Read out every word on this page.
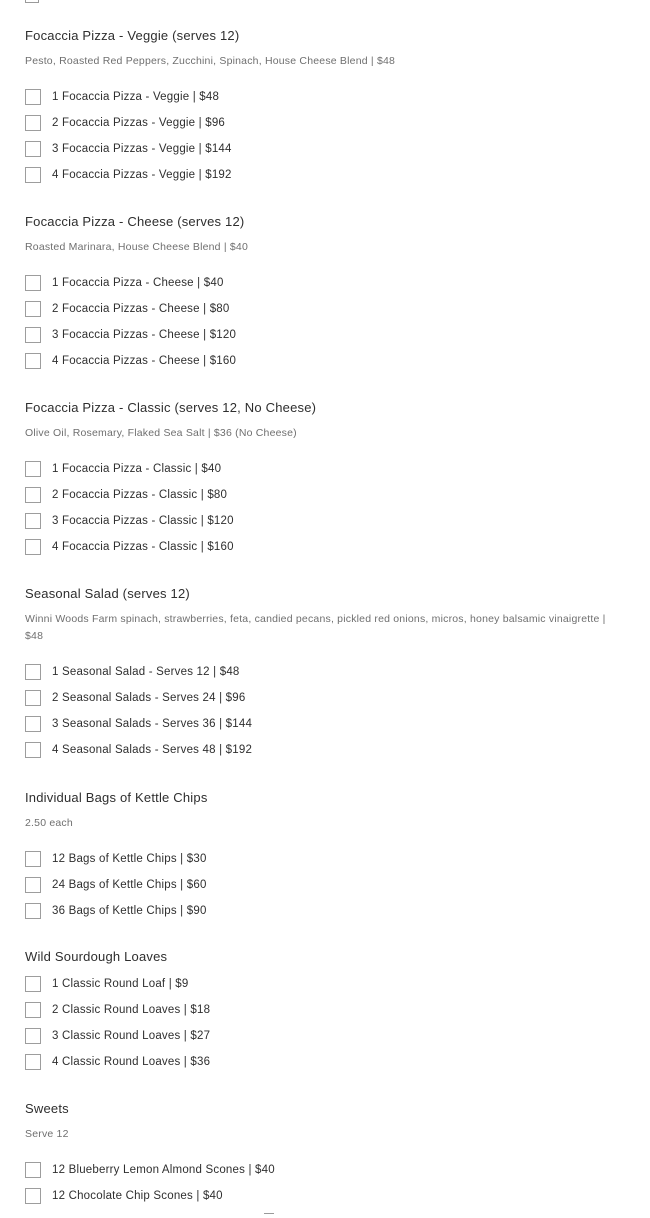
Focaccia Pizza - Veggie (serves 12)

Pesto, Roasted Red Peppers, Zucchini, Spinach, House Cheese Blend | $48

1 Focaccia Pizza - Veggie | $48
2 Focaccia Pizzas - Veggie | $96
3 Focaccia Pizzas - Veggie | $144
4 Focaccia Pizzas - Veggie | $192

Focaccia Pizza - Cheese (serves 12)

Roasted Marinara, House Cheese Blend | $40

1 Focaccia Pizza - Cheese | $40
2 Focaccia Pizzas - Cheese | $80
3 Focaccia Pizzas - Cheese | $120
4 Focaccia Pizzas - Cheese | $160

Focaccia Pizza - Classic (serves 12, No Cheese)

Olive Oil, Rosemary, Flaked Sea Salt | $36 (No Cheese)

1 Focaccia Pizza - Classic | $40
2 Focaccia Pizzas - Classic | $80
3 Focaccia Pizzas - Classic | $120
4 Focaccia Pizzas - Classic | $160

Seasonal Salad (serves 12)

Winni Woods Farm spinach, strawberries, feta, candied pecans, pickled red onions, micros, honey balsamic vinaigrette | $48

1 Seasonal Salad - Serves 12 | $48
2 Seasonal Salads - Serves 24 | $96
3 Seasonal Salads - Serves 36 | $144
4 Seasonal Salads - Serves 48 | $192

Individual Bags of Kettle Chips

2.50 each

12 Bags of Kettle Chips | $30
24 Bags of Kettle Chips | $60
36 Bags of Kettle Chips | $90

Wild Sourdough Loaves

1 Classic Round Loaf | $9
2 Classic Round Loaves | $18
3 Classic Round Loaves | $27
4 Classic Round Loaves | $36

Sweets

Serve 12

12 Blueberry Lemon Almond Scones | $40
12 Chocolate Chip Scones | $40
